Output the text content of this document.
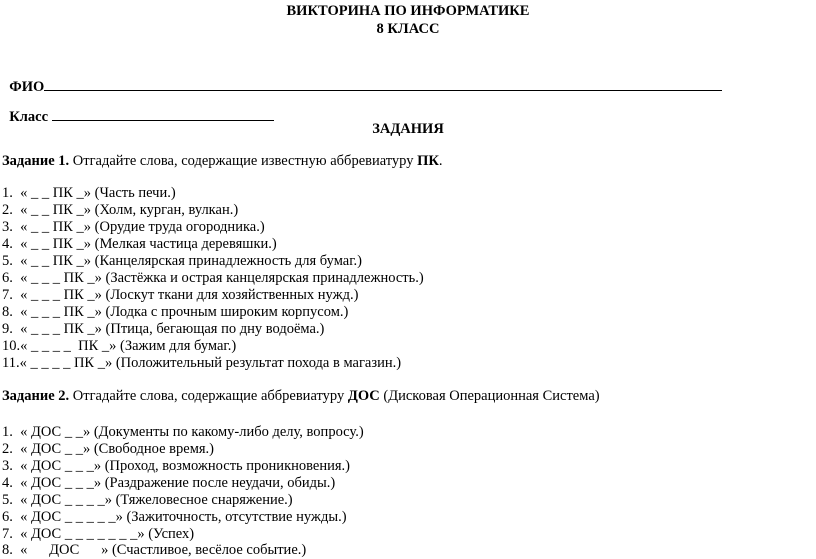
ВИКТОРИНА ПО ИНФОРМАТИКЕ
8 КЛАСС

ФИО

Класс

ЗАДАНИЯ
Задание 1. Отгадайте слова, содержащие известную аббревиатуру ПК.
1.  « _ _ ПК _» (Часть печи.)
2.  « _ _ ПК _» (Холм, курган, вулкан.)
3.  « _ _ ПК _» (Орудие труда огородника.)
4.  « _ _ ПК _» (Мелкая частица деревяшки.)
5.  « _ _ ПК _» (Канцелярская принадлежность для бумаг.)
6.  « _ _ _ ПК _» (Застёжка и острая канцелярская принадлежность.)
7.  « _ _ _ ПК _» (Лоскут ткани для хозяйственных нужд.)
8.  « _ _ _ ПК _» (Лодка с прочным широким корпусом.)
9.  « _ _ _ ПК _» (Птица, бегающая по дну водоёма.)
10.« _ _ _ _  ПК _» (Зажим для бумаг.)
11.« _ _ _ _ ПК _» (Положительный результат похода в магазин.)
Задание 2. Отгадайте слова, содержащие аббревиатуру ДОС (Дисковая Операционная Система)
1.  « ДОС _ _» (Документы по какому-либо делу, вопросу.)
2.  « ДОС _ _» (Свободное время.)
3.  « ДОС _ _ _» (Проход, возможность проникновения.)
4.  « ДОС _ _ _» (Раздражение после неудачи, обиды.)
5.  « ДОС _ _ _ _» (Тяжеловесное снаряжение.)
6.  « ДОС _ _ _ _ _» (Зажиточность, отсутствие нужды.)
7.  « ДОС _ _ _ _ _ _ _» (Успех)
8.  «      ДОС      » (Счастливое, весёлое событие.)
